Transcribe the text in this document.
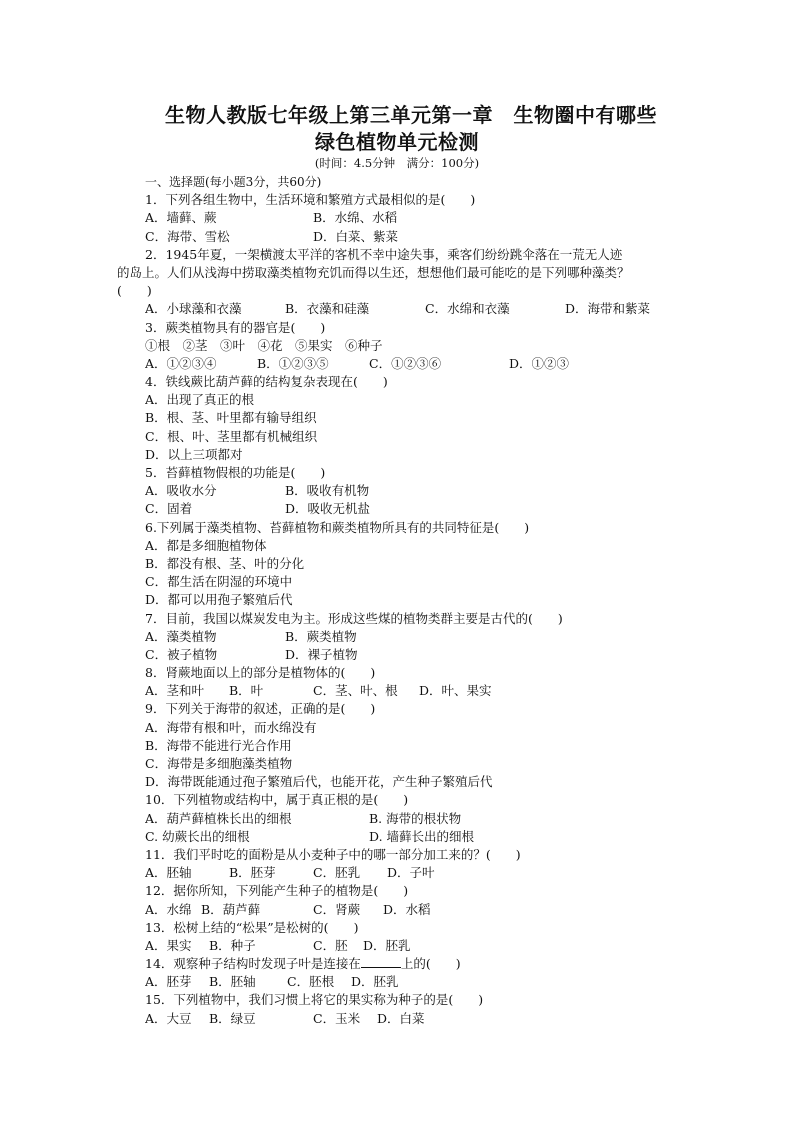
生物人教版七年级上第三单元第一章　生物圈中有哪些
绿色植物单元检测
(时间：4.5分钟　满分：100分)
一、选择题(每小题3分，共60分)
1．下列各组生物中，生活环境和繁殖方式最相似的是(　　)
A．墙藓、蕨	B．水绵、水稻
C．海带、雪松	D．白菜、紫菜
2．1945年夏，一架横渡太平洋的客机不幸中途失事，乘客们纷纷跳伞落在一荒无人迹
的岛上。人们从浅海中捞取藻类植物充饥而得以生还，想想他们最可能吃的是下列哪种藻类？
(　　)
A．小球藻和衣藻	B．衣藻和硅藻	C．水绵和衣藻	D．海带和紫菜
3．蕨类植物具有的器官是(　　)
①根　②茎　③叶　④花　⑤果实　⑥种子
A．①②③④	B．①②③⑤	C．①②③⑥	D．①②③
4．铁线蕨比葫芦藓的结构复杂表现在(　　)
A．出现了真正的根
B．根、茎、叶里都有输导组织
C．根、叶、茎里都有机械组织
D．以上三项都对
5．苔藓植物假根的功能是(　　)
A．吸收水分	B．吸收有机物
C．固着	D．吸收无机盐
6.下列属于藻类植物、苔藓植物和蕨类植物所具有的共同特征是(　　)
A．都是多细胞植物体
B．都没有根、茎、叶的分化
C．都生活在阴湿的环境中
D．都可以用孢子繁殖后代
7．目前，我国以煤炭发电为主。形成这些煤的植物类群主要是古代的(　　)
A．藻类植物	B．蕨类植物
C．被子植物	D．裸子植物
8．肾蕨地面以上的部分是植物体的(　　)
A．茎和叶	B．叶	C．茎、叶、根	D．叶、果实
9．下列关于海带的叙述，正确的是(　　)
A．海带有根和叶，而水绵没有
B．海带不能进行光合作用
C．海带是多细胞藻类植物
D．海带既能通过孢子繁殖后代，也能开花，产生种子繁殖后代
10．下列植物或结构中，属于真正根的是(　　)
A．葫芦藓植株长出的细根	B. 海带的根状物
C. 幼蕨长出的细根	D. 墙藓长出的细根
11．我们平时吃的面粉是从小麦种子中的哪一部分加工来的？(　　)
A．胚轴	B．胚芽	C．胚乳	D．子叶
12．据你所知，下列能产生种子的植物是(　　)
A．水绵 B．葫芦藓	C．肾蕨	D．水稻
13．松树上结的“松果”是松树的(　　)
A．果实	B．种子	C．胚	D．胚乳
14．观察种子结构时发现子叶是连接在	上的(　　)
A．胚芽	B．胚轴	C．胚根	D．胚乳
15．下列植物中，我们习惯上将它的果实称为种子的是(　　)
A．大豆	B．绿豆	C．玉米	D．白菜
